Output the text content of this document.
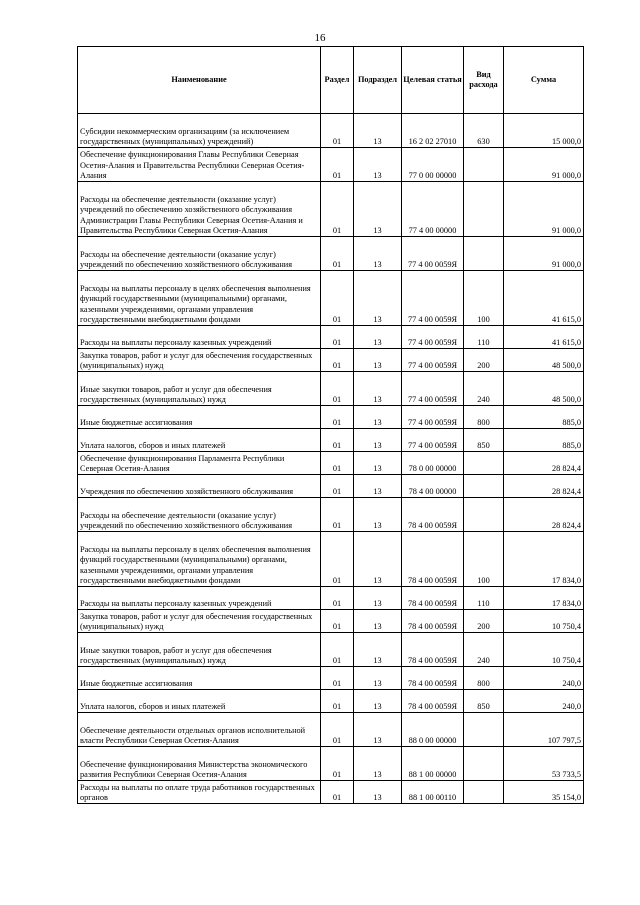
16
Наименование	Раздел	Подраздел	Целевая статья	Вид расхода	Сумма
Субсидии некоммерческим организациям (за исключением государственных (муниципальных) учреждений)	01	13	16 2 02 27010	630	15 000,0
Обеспечение функционирования Главы Республики Северная Осетия-Алания и Правительства Республики Северная Осетия-Алания	01	13	77 0 00 00000		91 000,0
Расходы на обеспечение деятельности (оказание услуг) учреждений по обеспечению хозяйственного обслуживания Администрации Главы Республики Северная Осетия-Алания и Правительства Республики Северная Осетия-Алания	01	13	77 4 00 00000		91 000,0
Расходы на обеспечение деятельности (оказание услуг) учреждений по обеспечению хозяйственного обслуживания	01	13	77 4 00 0059Я		91 000,0
Расходы на выплаты персоналу в целях обеспечения выполнения функций государственными (муниципальными) органами, казенными учреждениями, органами управления государственными внебюджетными фондами	01	13	77 4 00 0059Я	100	41 615,0
Расходы на выплаты персоналу казенных учреждений	01	13	77 4 00 0059Я	110	41 615,0
Закупка товаров, работ и услуг для обеспечения государственных (муниципальных) нужд	01	13	77 4 00 0059Я	200	48 500,0
Иные закупки товаров, работ и услуг для обеспечения государственных (муниципальных) нужд	01	13	77 4 00 0059Я	240	48 500,0
Иные бюджетные ассигнования	01	13	77 4 00 0059Я	800	885,0
Уплата налогов, сборов и иных платежей	01	13	77 4 00 0059Я	850	885,0
Обеспечение функционирования Парламента Республики Северная Осетия-Алания	01	13	78 0 00 00000		28 824,4
Учреждения по обеспечению хозяйственного обслуживания	01	13	78 4 00 00000		28 824,4
Расходы на обеспечение деятельности (оказание услуг) учреждений по обеспечению хозяйственного обслуживания	01	13	78 4 00 0059Я		28 824,4
Расходы на выплаты персоналу в целях обеспечения выполнения функций государственными (муниципальными) органами, казенными учреждениями, органами управления государственными внебюджетными фондами	01	13	78 4 00 0059Я	100	17 834,0
Расходы на выплаты персоналу казенных учреждений	01	13	78 4 00 0059Я	110	17 834,0
Закупка товаров, работ и услуг для обеспечения государственных (муниципальных) нужд	01	13	78 4 00 0059Я	200	10 750,4
Иные закупки товаров, работ и услуг для обеспечения государственных (муниципальных) нужд	01	13	78 4 00 0059Я	240	10 750,4
Иные бюджетные ассигнования	01	13	78 4 00 0059Я	800	240,0
Уплата налогов, сборов и иных платежей	01	13	78 4 00 0059Я	850	240,0
Обеспечение деятельности отдельных органов исполнительной власти Республики Северная Осетия-Алания	01	13	88 0 00 00000		107 797,5
Обеспечение функционирования Министерства экономического развития Республики Северная Осетия-Алания	01	13	88 1 00 00000		53 733,5
Расходы на выплаты по оплате труда работников государственных органов	01	13	88 1 00 00110		35 154,0
